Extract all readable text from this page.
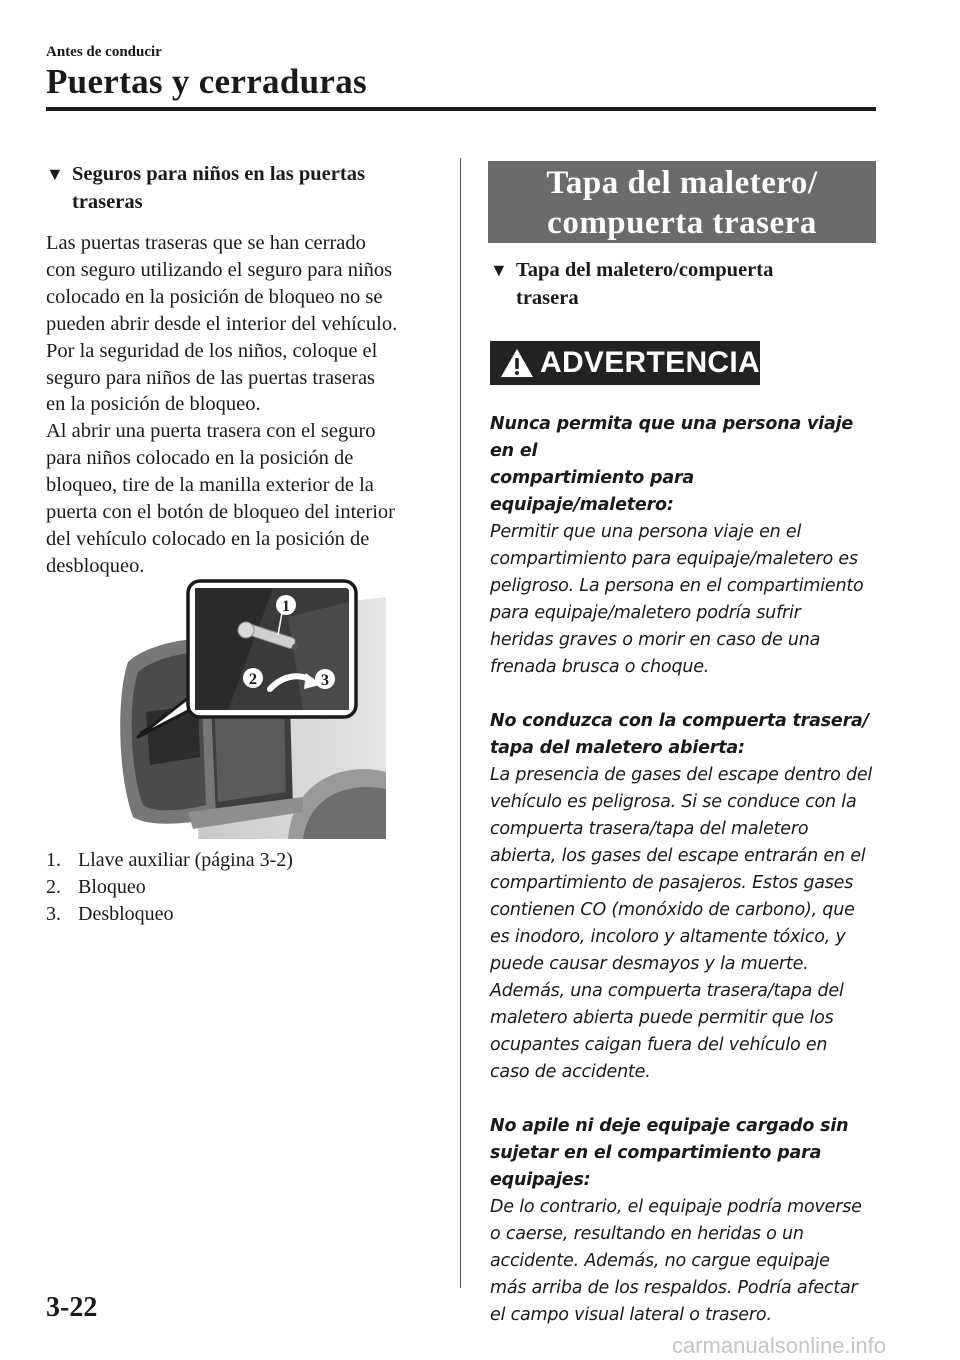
Antes de conducir
Puertas y cerraduras
▼ Seguros para niños en las puertas
traseras
Las puertas traseras que se han cerrado
con seguro utilizando el seguro para niños
colocado en la posición de bloqueo no se
pueden abrir desde el interior del vehículo.
Por la seguridad de los niños, coloque el
seguro para niños de las puertas traseras
en la posición de bloqueo.
Al abrir una puerta trasera con el seguro
para niños colocado en la posición de
bloqueo, tire de la manilla exterior de la
puerta con el botón de bloqueo del interior
del vehículo colocado en la posición de
desbloqueo.
1
2	3
1. Llave auxiliar (página 3-2)
2. Bloqueo
3. Desbloqueo
Tapa del maletero/
compuerta trasera
▼ Tapa del maletero/compuerta
trasera
ADVERTENCIA
Nunca permita que una persona viaje en el
compartimiento para equipaje/maletero:
Permitir que una persona viaje en el
compartimiento para equipaje/maletero es
peligroso. La persona en el compartimiento
para equipaje/maletero podría sufrir
heridas graves o morir en caso de una
frenada brusca o choque.
No conduzca con la compuerta trasera/
tapa del maletero abierta:
La presencia de gases del escape dentro del
vehículo es peligrosa. Si se conduce con la
compuerta trasera/tapa del maletero
abierta, los gases del escape entrarán en el
compartimiento de pasajeros. Estos gases
contienen CO (monóxido de carbono), que
es inodoro, incoloro y altamente tóxico, y
puede causar desmayos y la muerte.
Además, una compuerta trasera/tapa del
maletero abierta puede permitir que los
ocupantes caigan fuera del vehículo en
caso de accidente.
No apile ni deje equipaje cargado sin
sujetar en el compartimiento para
equipajes:
De lo contrario, el equipaje podría moverse
o caerse, resultando en heridas o un
accidente. Además, no cargue equipaje
más arriba de los respaldos. Podría afectar
el campo visual lateral o trasero.
3-22
carmanualsonline.info
